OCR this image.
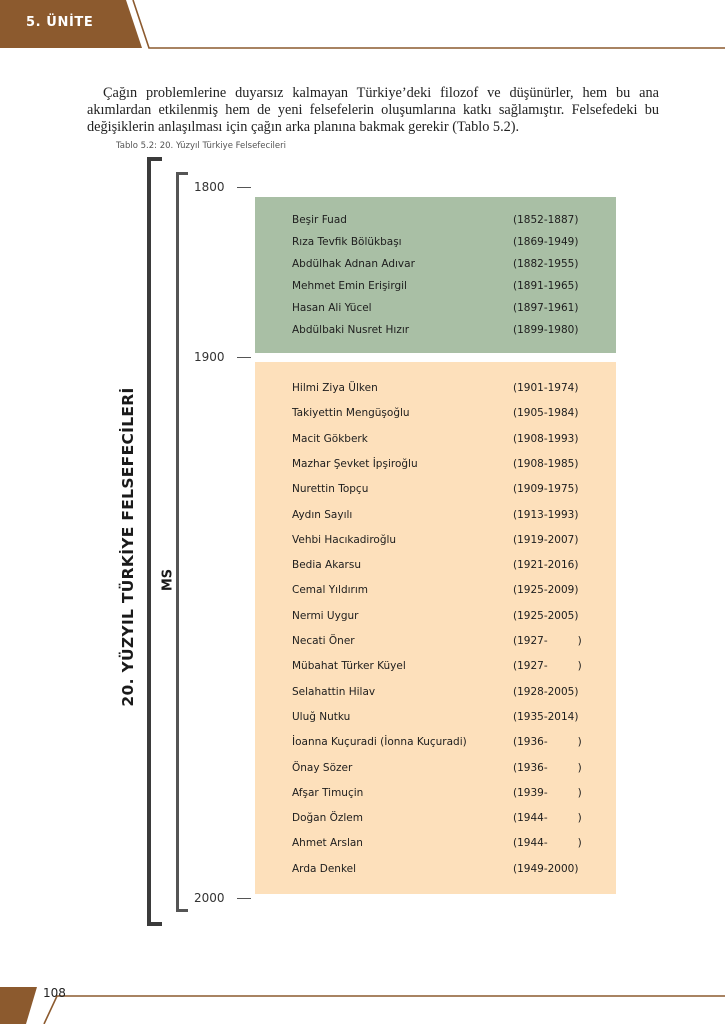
5. ÜNİTE

Çağın problemlerine duyarsız kalmayan Türkiye’deki filozof ve düşünürler, hem bu ana akımlardan etkilenmiş hem de yeni felsefelerin oluşumlarına katkı sağlamıştır. Felsefedeki bu değişiklerin anlaşılması için çağın arka planına bakmak gerekir (Tablo 5.2).

Tablo 5.2: 20. Yüzyıl Türkiye Felsefecileri
20. YÜZYIL TÜRKİYE FELSEFECİLERİ MS
1800
1900
2000
Beşir Fuad	(1852-1887)
Rıza Tevfik Bölükbaşı	(1869-1949)
Abdülhak Adnan Adıvar	(1882-1955)
Mehmet Emin Erişirgil	(1891-1965)
Hasan Ali Yücel	(1897-1961)
Abdülbaki Nusret Hızır	(1899-1980)
Hilmi Ziya Ülken	(1901-1974)
Takiyettin Mengüşoğlu	(1905-1984)
Macit Gökberk	(1908-1993)
Mazhar Şevket İpşiroğlu	(1908-1985)
Nurettin Topçu	(1909-1975)
Aydın Sayılı	(1913-1993)
Vehbi Hacıkadiroğlu	(1919-2007)
Bedia Akarsu	(1921-2016)
Cemal Yıldırım	(1925-2009)
Nermi Uygur	(1925-2005)
Necati Öner	(1927-         )
Mübahat Türker Küyel	(1927-         )
Selahattin Hilav	(1928-2005)
Uluğ Nutku	(1935-2014)
İoanna Kuçuradi (İonna Kuçuradi)	(1936-         )
Önay Sözer	(1936-         )
Afşar Timuçin	(1939-         )
Doğan Özlem	(1944-         )
Ahmet Arslan	(1944-         )
Arda Denkel	(1949-2000)
108
